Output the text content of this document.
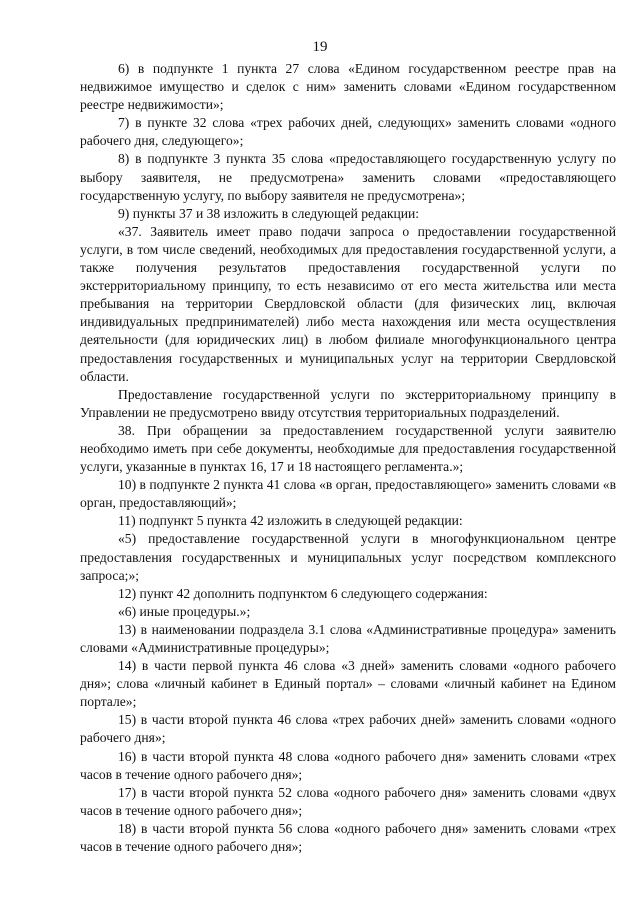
19

6) в подпункте 1 пункта 27 слова «Едином государственном реестре прав на недвижимое имущество и сделок с ним» заменить словами «Едином государственном реестре недвижимости»;

7) в пункте 32 слова «трех рабочих дней, следующих» заменить словами «одного рабочего дня, следующего»;

8) в подпункте 3 пункта 35 слова «предоставляющего государственную услугу по выбору заявителя, не предусмотрена» заменить словами «предоставляющего государственную услугу, по выбору заявителя не предусмотрена»;

9) пункты 37 и 38 изложить в следующей редакции:

«37. Заявитель имеет право подачи запроса о предоставлении государственной услуги, в том числе сведений, необходимых для предоставления государственной услуги, а также получения результатов предоставления государственной услуги по экстерриториальному принципу, то есть независимо от его места жительства или места пребывания на территории Свердловской области (для физических лиц, включая индивидуальных предпринимателей) либо места нахождения или места осуществления деятельности (для юридических лиц) в любом филиале многофункционального центра предоставления государственных и муниципальных услуг на территории Свердловской области.

Предоставление государственной услуги по экстерриториальному принципу в Управлении не предусмотрено ввиду отсутствия территориальных подразделений.

38. При обращении за предоставлением государственной услуги заявителю необходимо иметь при себе документы, необходимые для предоставления государственной услуги, указанные в пунктах 16, 17 и 18 настоящего регламента.»;

10) в подпункте 2 пункта 41 слова «в орган, предоставляющего» заменить словами «в орган, предоставляющий»;

11) подпункт 5 пункта 42 изложить в следующей редакции:

«5) предоставление государственной услуги в многофункциональном центре предоставления государственных и муниципальных услуг посредством комплексного запроса;»;

12) пункт 42 дополнить подпунктом 6 следующего содержания:

«6) иные процедуры.»;

13) в наименовании подраздела 3.1 слова «Административные процедура» заменить словами «Административные процедуры»;

14) в части первой пункта 46 слова «3 дней» заменить словами «одного рабочего дня»; слова «личный кабинет в Единый портал» – словами «личный кабинет на Едином портале»;

15) в части второй пункта 46 слова «трех рабочих дней» заменить словами «одного рабочего дня»;

16) в части второй пункта 48 слова «одного рабочего дня» заменить словами «трех часов в течение одного рабочего дня»;

17) в части второй пункта 52 слова «одного рабочего дня» заменить словами «двух часов в течение одного рабочего дня»;

18) в части второй пункта 56 слова «одного рабочего дня» заменить словами «трех часов в течение одного рабочего дня»;
